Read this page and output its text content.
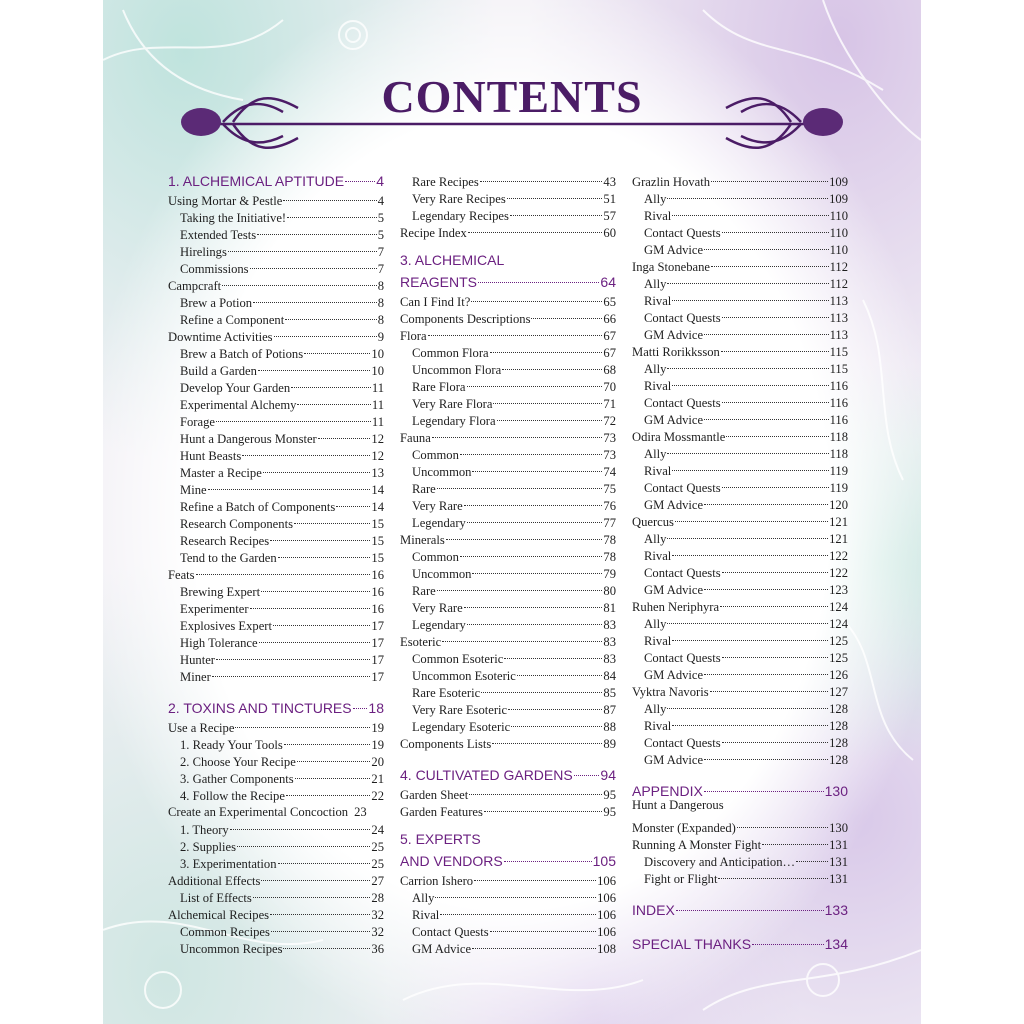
CONTENTS
1. ALCHEMICAL APTITUDE 4
Using Mortar & Pestle	4
Taking the Initiative!	5
Extended Tests	5
Hirelings	7
Commissions	7
Campcraft	8
Brew a Potion	8
Refine a Component	8
Downtime Activities	9
Brew a Batch of Potions	10
Build a Garden	10
Develop Your Garden	11
Experimental Alchemy	11
Forage	11
Hunt a Dangerous Monster	12
Hunt Beasts	12
Master a Recipe	13
Mine	14
Refine a Batch of Components	14
Research Components	15
Research Recipes	15
Tend to the Garden	15
Feats	16
Brewing Expert	16
Experimenter	16
Explosives Expert	17
High Tolerance	17
Hunter	17
Miner	17
2. TOXINS AND TINCTURES 18
Use a Recipe	19
1. Ready Your Tools	19
2. Choose Your Recipe	20
3. Gather Components	21
4. Follow the Recipe	22
Create an Experimental Concoction 23
1. Theory	24
2. Supplies	25
3. Experimentation	25
Additional Effects	27
List of Effects	28
Alchemical Recipes	32
Common Recipes	32
Uncommon Recipes	36
Rare Recipes	43
Very Rare Recipes	51
Legendary Recipes	57
Recipe Index	60
3. ALCHEMICAL
REAGENTS	64
Can I Find It?	65
Components Descriptions	66
Flora	67
Common Flora	67
Uncommon Flora	68
Rare Flora	70
Very Rare Flora	71
Legendary Flora	72
Fauna	73
Common	73
Uncommon	74
Rare	75
Very Rare	76
Legendary	77
Minerals	78
Common	78
Uncommon	79
Rare	80
Very Rare	81
Legendary	83
Esoteric	83
Common Esoteric	83
Uncommon Esoteric	84
Rare Esoteric	85
Very Rare Esoteric	87
Legendary Esoteric	88
Components Lists	89
4. CULTIVATED GARDENS 94
Garden Sheet	95
Garden Features	95
5. EXPERTS
AND VENDORS	105
Carrion Ishero	106
Ally	106
Rival	106
Contact Quests	106
GM Advice	108
Grazlin Hovath	109
Ally	109
Rival	110
Contact Quests	110
GM Advice	110
Inga Stonebane	112
Ally	112
Rival	113
Contact Quests	113
GM Advice	113
Matti Rorikksson	115
Ally	115
Rival	116
Contact Quests	116
GM Advice	116
Odira Mossmantle	118
Ally	118
Rival	119
Contact Quests	119
GM Advice	120
Quercus	121
Ally	121
Rival	122
Contact Quests	122
GM Advice	123
Ruhen Neriphyra	124
Ally	124
Rival	125
Contact Quests	125
GM Advice	126
Vyktra Navoris	127
Ally	128
Rival	128
Contact Quests	128
GM Advice	128
APPENDIX	130
Hunt a Dangerous
Monster (Expanded)	130
Running A Monster Fight	131
Discovery and Anticipation…	131
Fight or Flight	131
INDEX	133
SPECIAL THANKS	134
